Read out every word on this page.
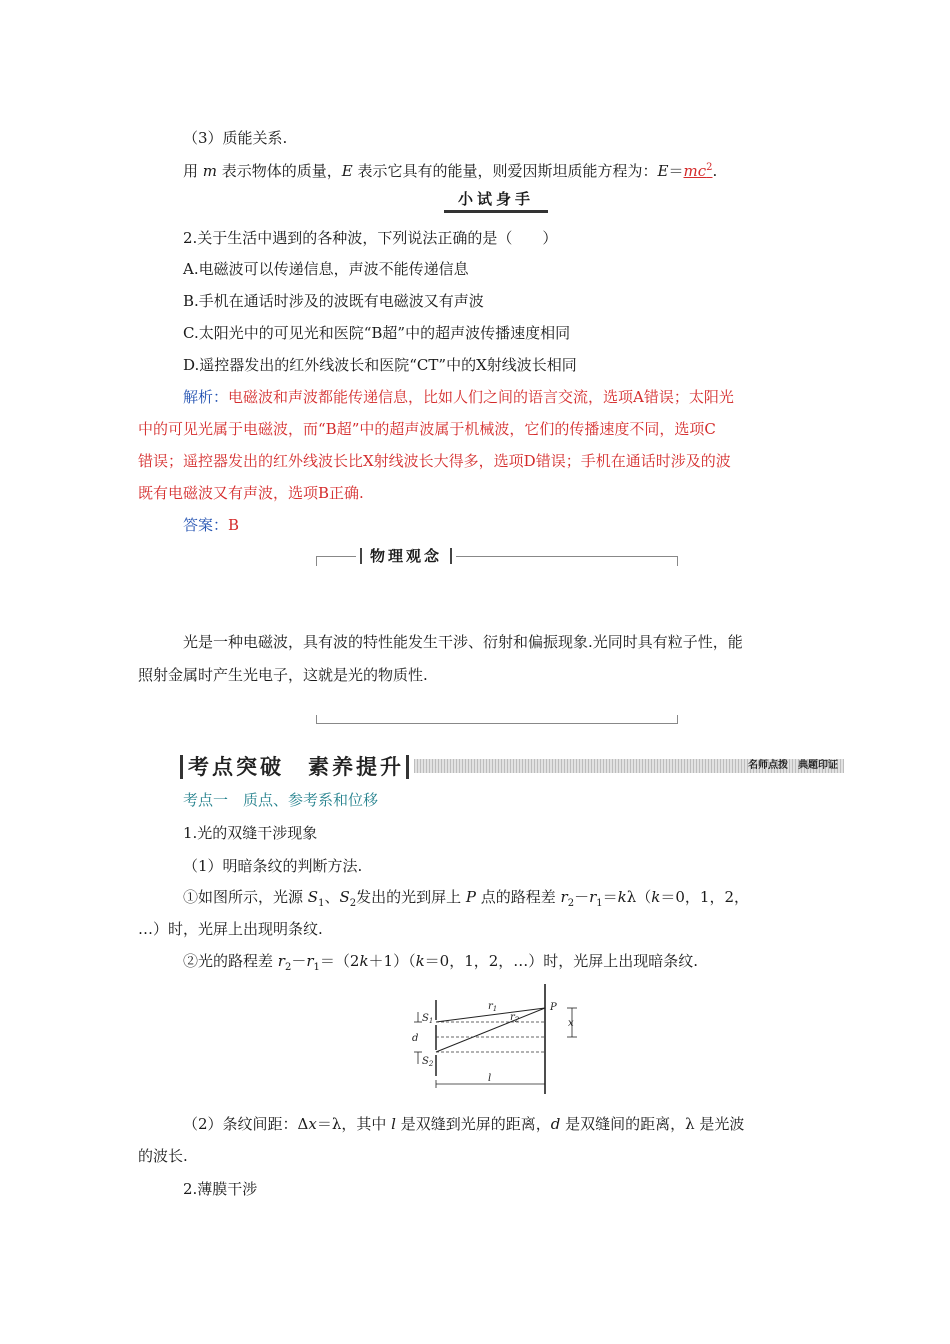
（3）质能关系.
用 m 表示物体的质量，E 表示它具有的能量，则爱因斯坦质能方程为：$E=mc^2$.
小试身手
2.关于生活中遇到的各种波，下列说法正确的是（　　）
A.电磁波可以传递信息，声波不能传递信息
B.手机在通话时涉及的波既有电磁波又有声波
C.太阳光中的可见光和医院“B超”中的超声波传播速度相同
D.遥控器发出的红外线波长和医院“CT”中的X射线波长相同
解析：电磁波和声波都能传递信息，比如人们之间的语言交流，选项A错误；太阳光
中的可见光属于电磁波，而“B超”中的超声波属于机械波，它们的传播速度不同，选项C
错误；遥控器发出的红外线波长比X射线波长大得多，选项D错误；手机在通话时涉及的波
既有电磁波又有声波，选项B正确.
答案：B
物理观念
光是一种电磁波，具有波的特性能发生干涉、衍射和偏振现象.光同时具有粒子性，能
照射金属时产生光电子，这就是光的物质性.
考点突破　素养提升	名师点拨　典题印证
考点一　质点、参考系和位移
1.光的双缝干涉现象
（1）明暗条纹的判断方法.
①如图所示，光源 $S_1$、$S_2$发出的光到屏上 P 点的路程差 $r_2-r_1=k\lambda(k=0$，1，2，
…）时，光屏上出现明条纹.
②光的路程差 $r_2-r_1=(2k+1)(k=0$，1，2，…）时，光屏上出现暗条纹.
$S_1$
$S_2$
d
$r_1$
$r_2$
P
x
l
（2）条纹间距：Δx＝λ，其中 l 是双缝到光屏的距离，d 是双缝间的距离，λ 是光波
的波长.
2.薄膜干涉
